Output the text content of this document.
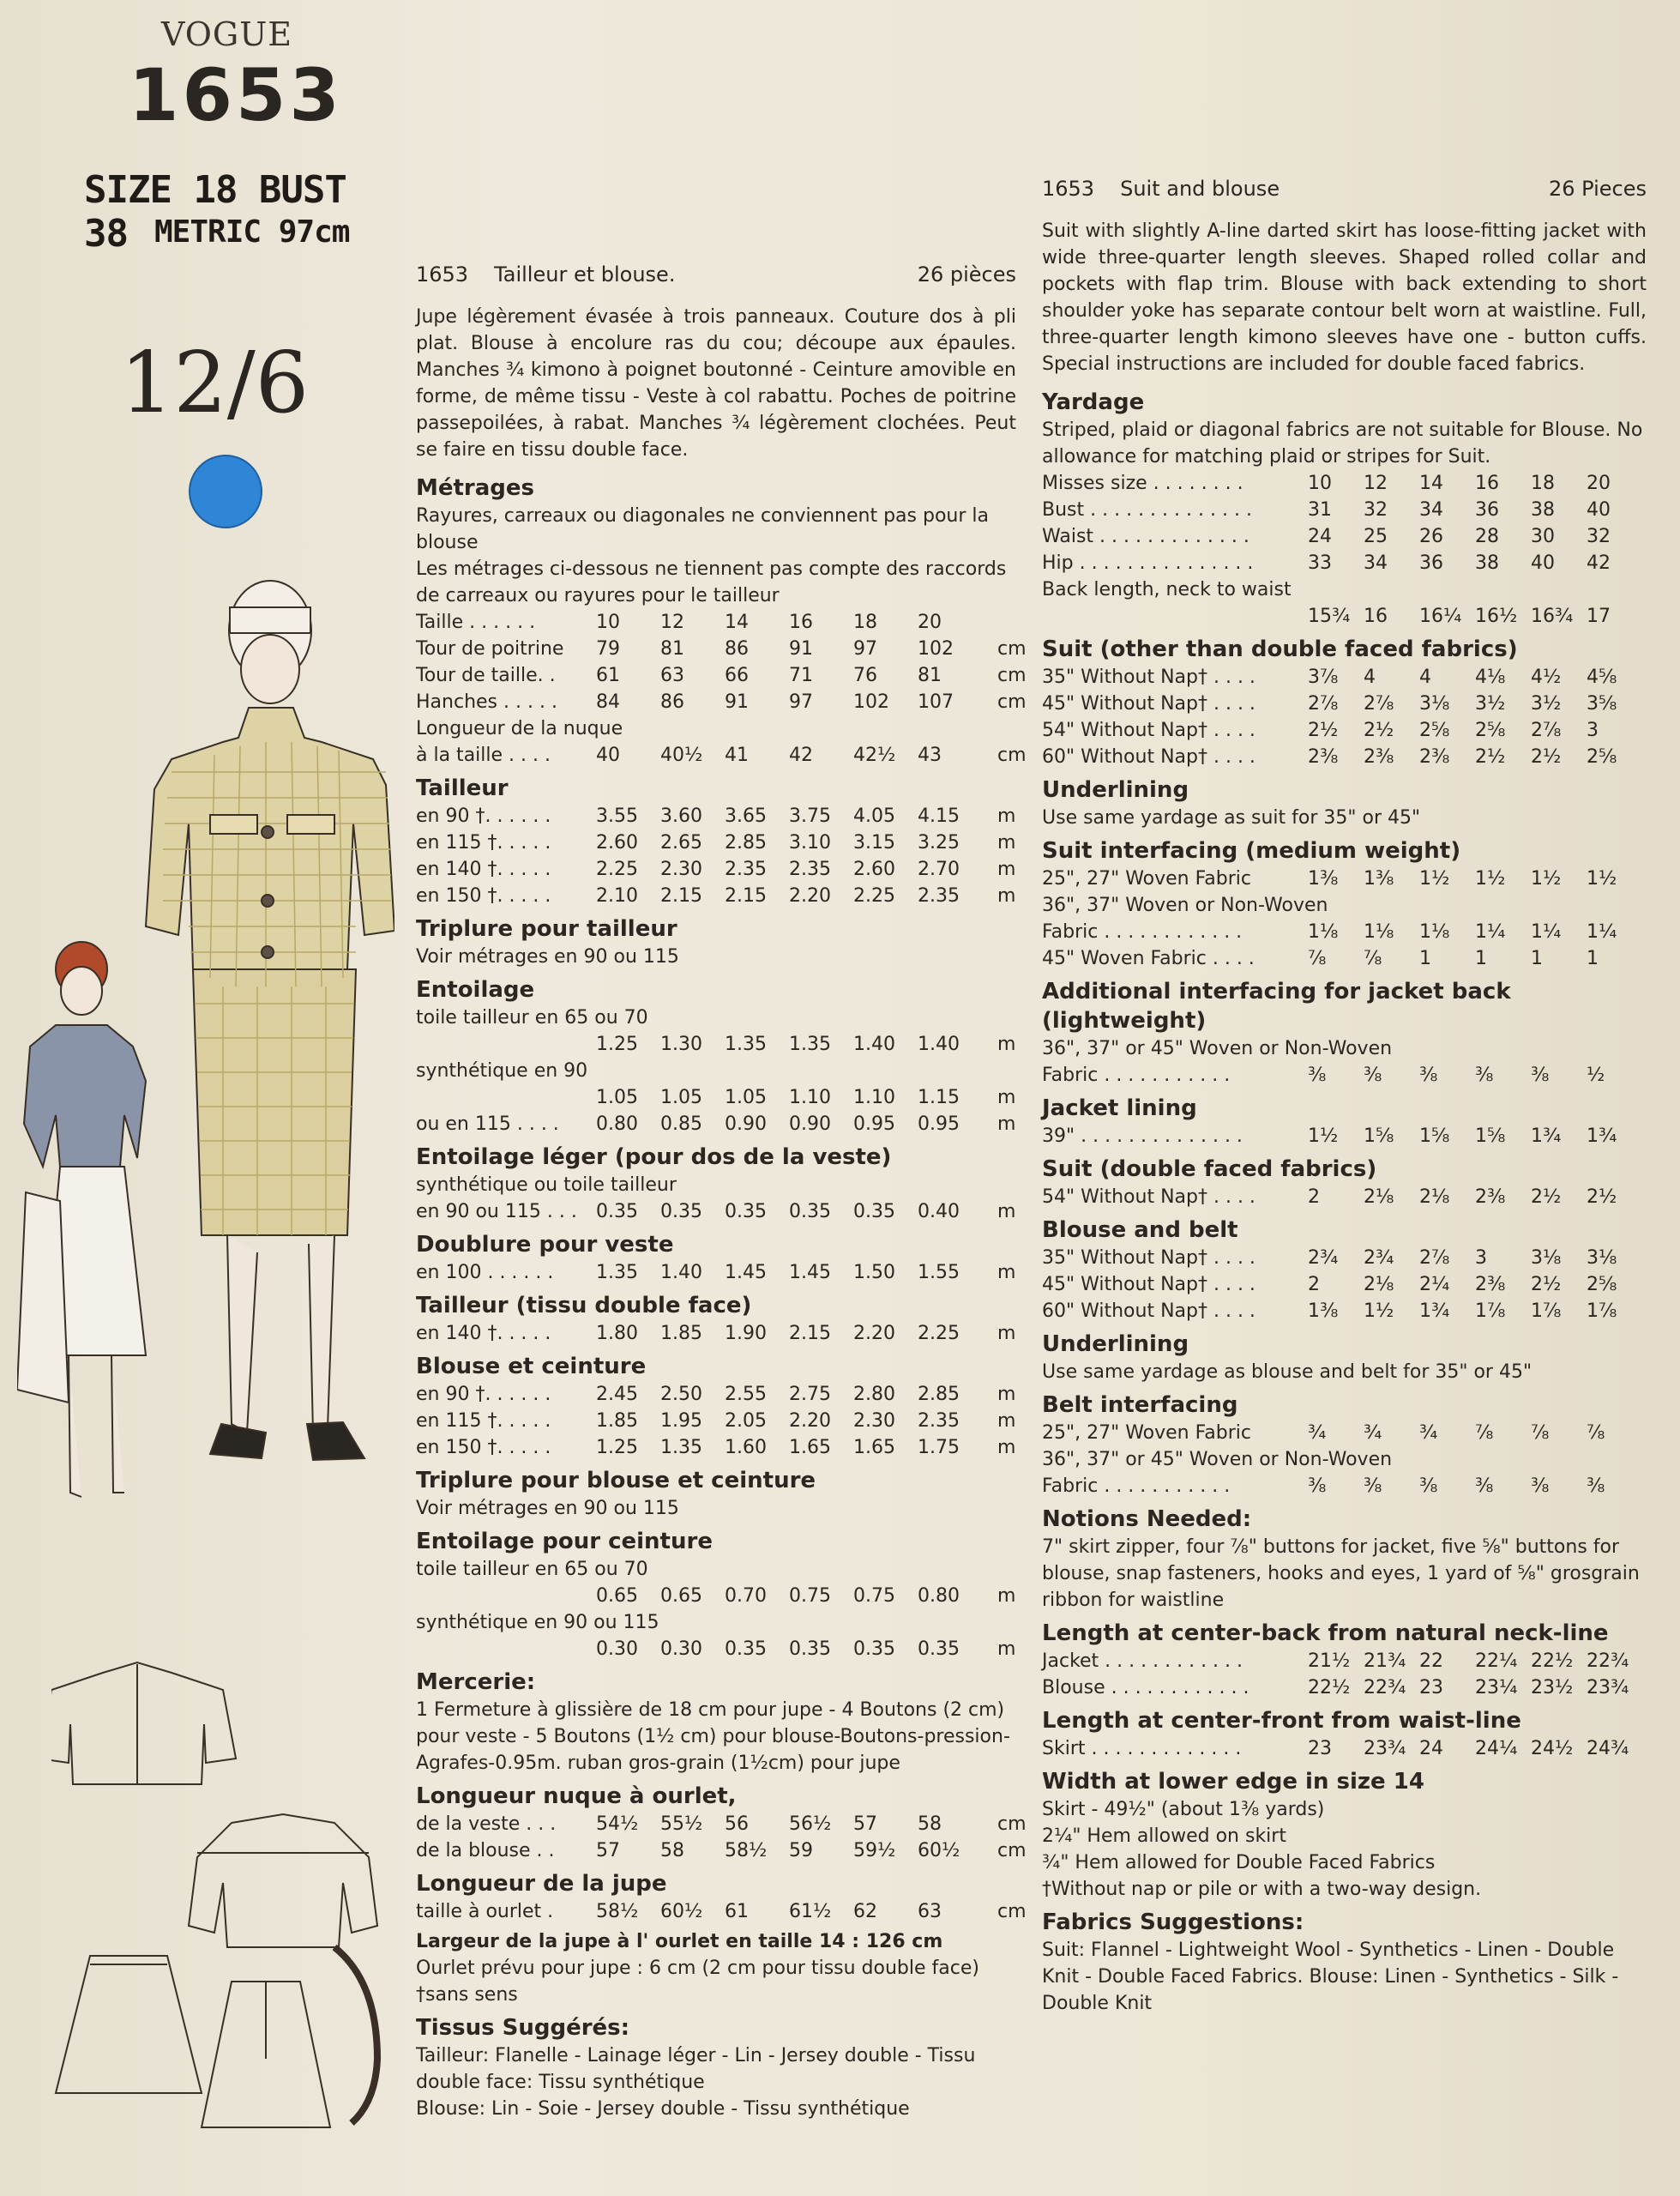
VOGUE
1653
SIZE 18 BUST 38 METRIC 97cm
12/6
1653	Tailleur et blouse.	26 pièces

Jupe légèrement évasée à trois panneaux. Couture dos à pli plat. Blouse à encolure ras du cou; découpe aux épaules. Manches ¾ kimono à poignet boutonné - Ceinture amovible en forme, de même tissu - Veste à col rabattu. Poches de poitrine passepoilées, à rabat. Manches ¾ légèrement clochées. Peut se faire en tissu double face.

Métrages

Rayures, carreaux ou diagonales ne conviennent pas pour la blouse

Les métrages ci-dessous ne tiennent pas compte des raccords de carreaux ou rayures pour le tailleur

Taille . . . . . .	10	12	14	16	18	20
Tour de poitrine	79	81	86	91	97	102	cm
Tour de taille. .	61	63	66	71	76	81	cm
Hanches . . . . .	84	86	91	97	102	107	cm

Longueur de la nuque

à la taille . . . .	40	40½	41	42	42½	43	cm
Tailleur
en 90 †. . . . . .	3.55	3.60	3.65	3.75	4.05	4.15	m
en 115 †. . . . .	2.60	2.65	2.85	3.10	3.15	3.25	m
en 140 †. . . . .	2.25	2.30	2.35	2.35	2.60	2.70	m
en 150 †. . . . .	2.10	2.15	2.15	2.20	2.25	2.35	m
Triplure pour tailleur

Voir métrages en 90 ou 115

Entoilage

toile tailleur en 65 ou 70

1.25	1.30	1.35	1.35	1.40	1.40	m

synthétique en 90

1.05	1.05	1.05	1.10	1.10	1.15	m
ou en 115 . . . .	0.80	0.85	0.90	0.90	0.95	0.95	m
Entoilage léger (pour dos de la veste)

synthétique ou toile tailleur

en 90 ou 115 . . .	0.35	0.35	0.35	0.35	0.35	0.40	m
Doublure pour veste
en 100 . . . . . .	1.35	1.40	1.45	1.45	1.50	1.55	m
Tailleur (tissu double face)
en 140 †. . . . .	1.80	1.85	1.90	2.15	2.20	2.25	m
Blouse et ceinture
en 90 †. . . . . .	2.45	2.50	2.55	2.75	2.80	2.85	m
en 115 †. . . . .	1.85	1.95	2.05	2.20	2.30	2.35	m
en 150 †. . . . .	1.25	1.35	1.60	1.65	1.65	1.75	m
Triplure pour blouse et ceinture

Voir métrages en 90 ou 115

Entoilage pour ceinture

toile tailleur en 65 ou 70

0.65	0.65	0.70	0.75	0.75	0.80	m

synthétique en 90 ou 115

0.30	0.30	0.35	0.35	0.35	0.35	m
Mercerie:

1 Fermeture à glissière de 18 cm pour jupe - 4 Boutons (2 cm) pour veste - 5 Boutons (1½ cm) pour blouse-Boutons-pression-Agrafes-0.95m. ruban gros-grain (1½cm) pour jupe

Longueur nuque à ourlet,
de la veste . . .	54½	55½	56	56½	57	58	cm
de la blouse . .	57	58	58½	59	59½	60½	cm
Longueur de la jupe
taille à ourlet .	58½	60½	61	61½	62	63	cm

Largeur de la jupe à l' ourlet en taille 14 : 126 cm

Ourlet prévu pour jupe : 6 cm (2 cm pour tissu double face)

†sans sens

Tissus Suggérés:

Tailleur: Flanelle - Lainage léger - Lin - Jersey double - Tissu double face: Tissu synthétique

Blouse: Lin - Soie - Jersey double - Tissu synthétique

1653	Suit and blouse	26 Pieces

Suit with slightly A-line darted skirt has loose-fitting jacket with wide three-quarter length sleeves. Shaped rolled collar and pockets with flap trim. Blouse with back extending to short shoulder yoke has separate contour belt worn at waistline. Full, three-quarter length kimono sleeves have one - button cuffs. Special instructions are included for double faced fabrics.

Yardage

Striped, plaid or diagonal fabrics are not suitable for Blouse. No allowance for matching plaid or stripes for Suit.

Misses size . . . . . . . .	10	12	14	16	18	20
Bust . . . . . . . . . . . . . .	31	32	34	36	38	40
Waist . . . . . . . . . . . . .	24	25	26	28	30	32
Hip . . . . . . . . . . . . . . .	33	34	36	38	40	42

Back length, neck to waist

15¾ 16	16¼ 16½ 16¾ 17
Suit (other than double faced fabrics)
35" Without Nap† . . . .	3⅞	4	4	4⅛	4½	4⅝
45" Without Nap† . . . .	2⅞	2⅞	3⅛	3½	3½	3⅝
54" Without Nap† . . . .	2½	2½	2⅝	2⅝	2⅞	3
60" Without Nap† . . . .	2⅜	2⅜	2⅜	2½	2½	2⅝
Underlining

Use same yardage as suit for 35" or 45"

Suit interfacing (medium weight)
25", 27" Woven Fabric	1⅜	1⅜	1½	1½	1½	1½

36", 37" Woven or Non-Woven

Fabric . . . . . . . . . . . .	1⅛	1⅛	1⅛	1¼	1¼	1¼
45" Woven Fabric . . . .	⅞	⅞	1	1	1	1
Additional interfacing for jacket back (lightweight)

36", 37" or 45" Woven or Non-Woven

Fabric . . . . . . . . . . .	⅜	⅜	⅜	⅜	⅜	½
Jacket lining
39" . . . . . . . . . . . . . .	1½	1⅝	1⅝	1⅝	1¾	1¾
Suit (double faced fabrics)
54" Without Nap† . . . .	2	2⅛	2⅛	2⅜	2½	2½
Blouse and belt
35" Without Nap† . . . .	2¾	2¾	2⅞	3	3⅛	3⅛
45" Without Nap† . . . .	2	2⅛	2¼	2⅜	2½	2⅝
60" Without Nap† . . . .	1⅜	1½	1¾	1⅞	1⅞	1⅞
Underlining

Use same yardage as blouse and belt for 35" or 45"

Belt interfacing
25", 27" Woven Fabric	¾	¾	¾	⅞	⅞	⅞

36", 37" or 45" Woven or Non-Woven

Fabric . . . . . . . . . . .	⅜	⅜	⅜	⅜	⅜	⅜
Notions Needed:

7" skirt zipper, four ⅞" buttons for jacket, five ⅝" buttons for blouse, snap fasteners, hooks and eyes, 1 yard of ⅝" grosgrain ribbon for waistline

Length at center-back from natural neck-line
Jacket . . . . . . . . . . . .	21½ 21¾ 22	22¼ 22½ 22¾
Blouse . . . . . . . . . . . .	22½ 22¾ 23	23¼ 23½ 23¾
Length at center-front from waist-line
Skirt . . . . . . . . . . . . .	23	23¾ 24	24¼ 24½ 24¾
Width at lower edge in size 14

Skirt - 49½" (about 1⅜ yards)

2¼" Hem allowed on skirt

¾" Hem allowed for Double Faced Fabrics

†Without nap or pile or with a two-way design.

Fabrics Suggestions:

Suit: Flannel - Lightweight Wool - Synthetics - Linen - Double Knit - Double Faced Fabrics. Blouse: Linen - Synthetics - Silk - Double Knit
